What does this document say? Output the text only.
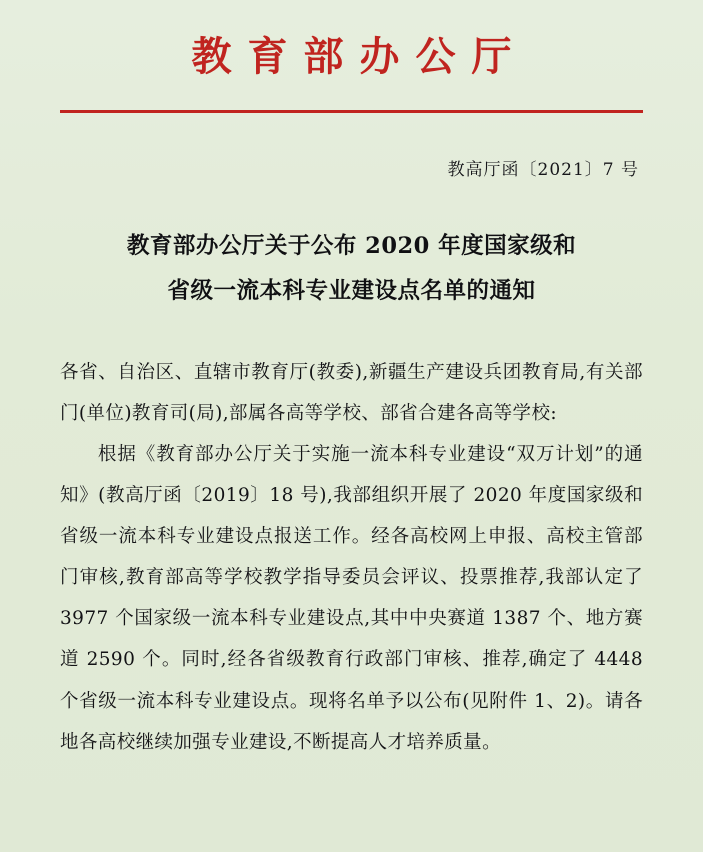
教育部办公厅
教高厅函〔2021〕7 号
教育部办公厅关于公布 2020 年度国家级和
省级一流本科专业建设点名单的通知

各省、自治区、直辖市教育厅(教委),新疆生产建设兵团教育局,有关部门(单位)教育司(局),部属各高等学校、部省合建各高等学校:

根据《教育部办公厅关于实施一流本科专业建设“双万计划”的通知》(教高厅函〔2019〕18 号),我部组织开展了 2020 年度国家级和省级一流本科专业建设点报送工作。经各高校网上申报、高校主管部门审核,教育部高等学校教学指导委员会评议、投票推荐,我部认定了 3977 个国家级一流本科专业建设点,其中中央赛道 1387 个、地方赛道 2590 个。同时,经各省级教育行政部门审核、推荐,确定了 4448 个省级一流本科专业建设点。现将名单予以公布(见附件 1、2)。请各地各高校继续加强专业建设,不断提高人才培养质量。
